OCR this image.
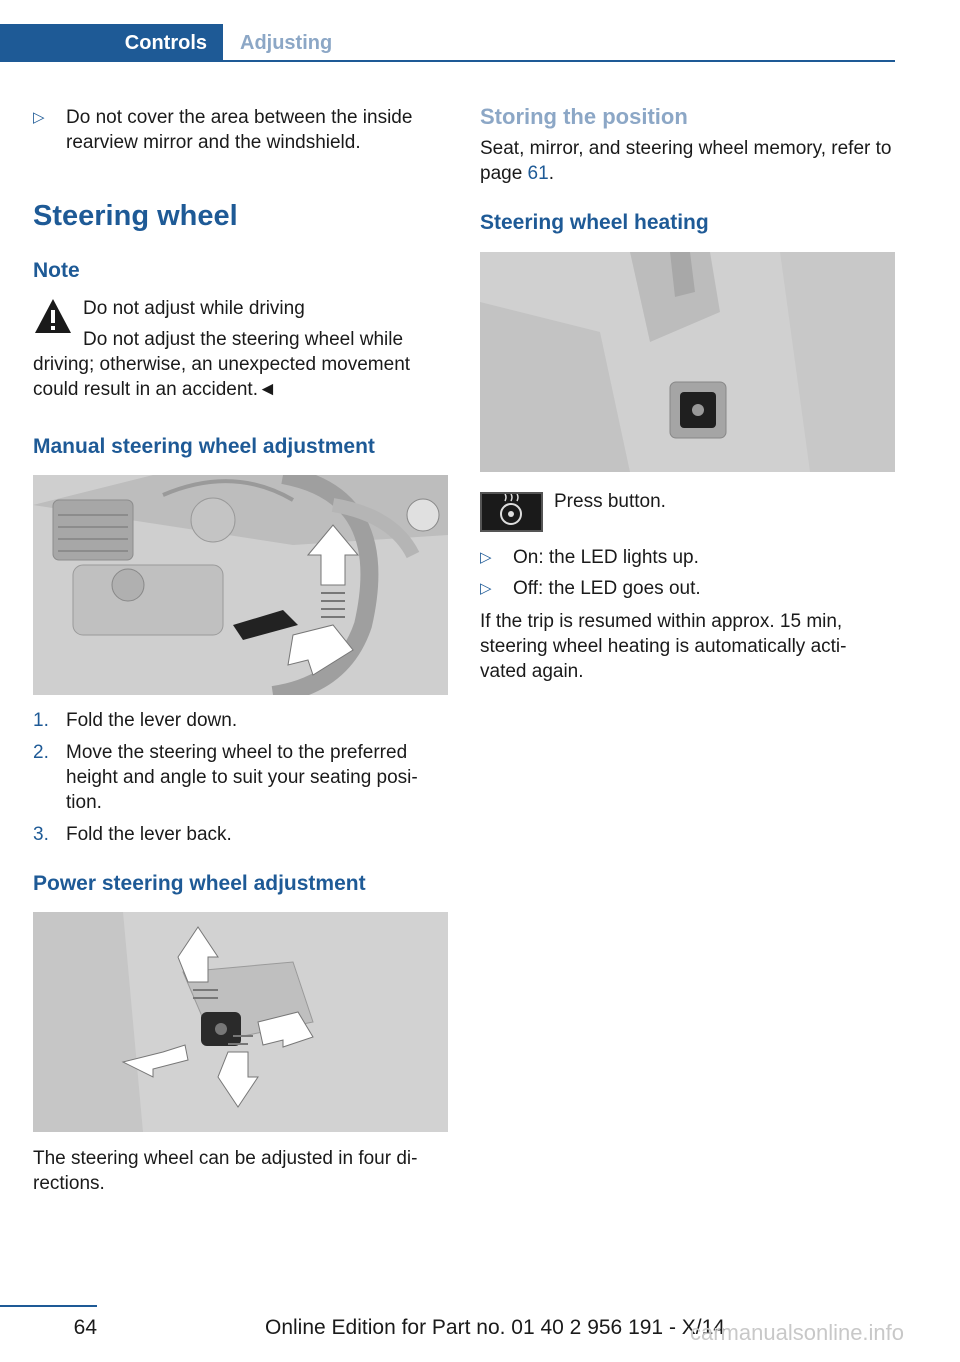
Controls	Adjusting
▷	Do not cover the area between the inside rearview mirror and the windshield.
Steering wheel
Note
Do not adjust while driving
Do not adjust the steering wheel while
driving; otherwise, an unexpected movement
could result in an accident.◄
Manual steering wheel adjustment
1. Fold the lever down.
2. Move the steering wheel to the preferred height and angle to suit your seating posi‐ tion.
3. Fold the lever back.
Power steering wheel adjustment
The steering wheel can be adjusted in four di‐ rections.
Storing the position
Seat, mirror, and steering wheel memory, refer to page 61.
Steering wheel heating
Press button.
▷	On: the LED lights up.
▷	Off: the LED goes out.
If the trip is resumed within approx. 15 min, steering wheel heating is automatically acti‐ vated again.
64	Online Edition for Part no. 01 40 2 956 191 - X/14
carmanualsonline.info
